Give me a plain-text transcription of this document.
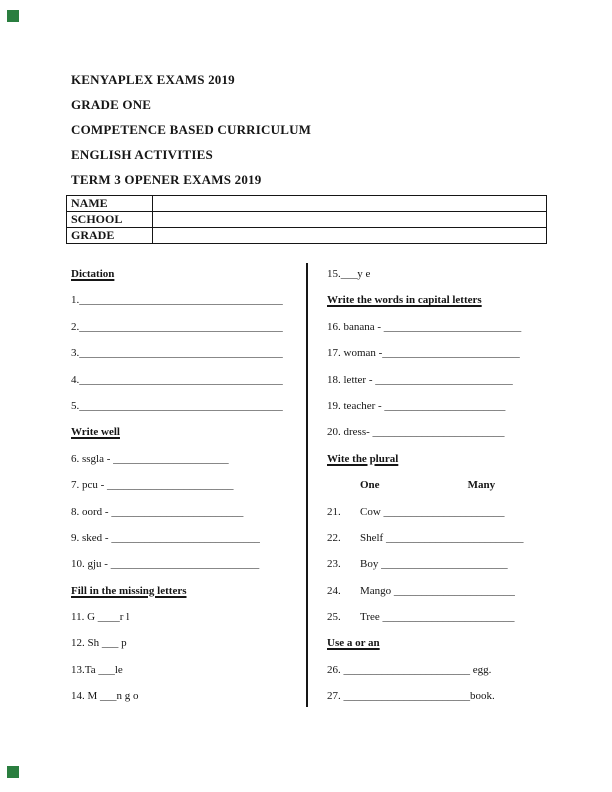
KENYAPLEX EXAMS 2019
GRADE ONE
COMPETENCE BASED CURRICULUM
ENGLISH ACTIVITIES
TERM 3 OPENER EXAMS 2019
NAME
SCHOOL
GRADE
Dictation
1._____________________________________
2._____________________________________
3._____________________________________
4._____________________________________
5._____________________________________
Write well
6. ssgla - _____________________
7. pcu - _______________________
8. oord - ________________________
9. sked - ___________________________
10. gju - ___________________________
Fill in the missing letters
11. G ____r l
12. Sh ___ p
13.Ta ___le
14. M ___n g o
15.___y e
Write the words in capital letters
16. banana - _________________________
17. woman -_________________________
18. letter - _________________________
19. teacher - ______________________
20. dress- ________________________
Wite the plural
One	Many
21. Cow ______________________
22. Shelf _________________________
23. Boy _______________________
24. Mango ______________________
25. Tree ________________________
Use a or an
26. _______________________ egg.
27. _______________________book.
